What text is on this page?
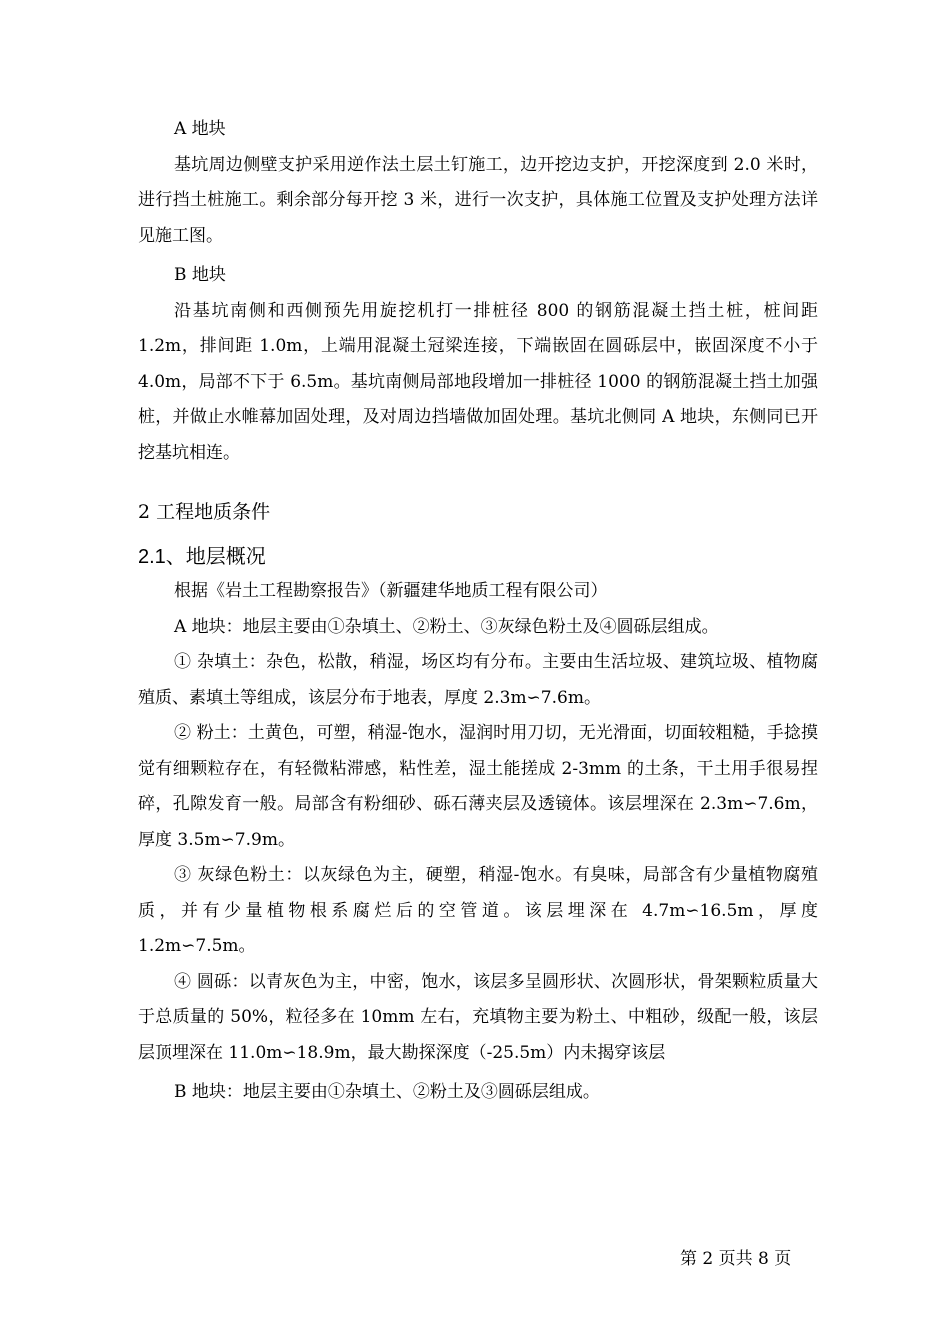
A 地块

基坑周边侧壁支护采用逆作法土层土钉施工，边开挖边支护，开挖深度到 2.0 米时，进行挡土桩施工。剩余部分每开挖 3 米，进行一次支护，具体施工位置及支护处理方法详见施工图。

B 地块

沿基坑南侧和西侧预先用旋挖机打一排桩径 800 的钢筋混凝土挡土桩，桩间距 1.2m，排间距 1.0m，上端用混凝土冠梁连接，下端嵌固在圆砾层中，嵌固深度不小于 4.0m，局部不下于 6.5m。基坑南侧局部地段增加一排桩径 1000 的钢筋混凝土挡土加强桩，并做止水帷幕加固处理，及对周边挡墙做加固处理。基坑北侧同 A 地块，东侧同已开挖基坑相连。

2 工程地质条件
2.1、地层概况

根据《岩土工程勘察报告》（新疆建华地质工程有限公司）

A 地块：地层主要由①杂填土、②粉土、③灰绿色粉土及④圆砾层组成。

① 杂填土：杂色，松散，稍湿，场区均有分布。主要由生活垃圾、建筑垃圾、植物腐殖质、素填土等组成，该层分布于地表，厚度 2.3m∽7.6m。

② 粉土：土黄色，可塑，稍湿-饱水，湿润时用刀切，无光滑面，切面较粗糙，手捻摸觉有细颗粒存在，有轻微粘滞感，粘性差，湿土能搓成 2-3mm 的土条，干土用手很易捏碎，孔隙发育一般。局部含有粉细砂、砾石薄夹层及透镜体。该层埋深在 2.3m∽7.6m，厚度 3.5m∽7.9m。

③ 灰绿色粉土：以灰绿色为主，硬塑，稍湿-饱水。有臭味，局部含有少量植物腐殖质，并有少量植物根系腐烂后的空管道。该层埋深在 4.7m∽16.5m，厚度 1.2m∽7.5m。

④ 圆砾：以青灰色为主，中密，饱水，该层多呈圆形状、次圆形状，骨架颗粒质量大于总质量的 50%，粒径多在 10mm 左右，充填物主要为粉土、中粗砂，级配一般，该层层顶埋深在 11.0m∽18.9m，最大勘探深度（-25.5m）内未揭穿该层

B 地块：地层主要由①杂填土、②粉土及③圆砾层组成。

第 2 页共 8 页
